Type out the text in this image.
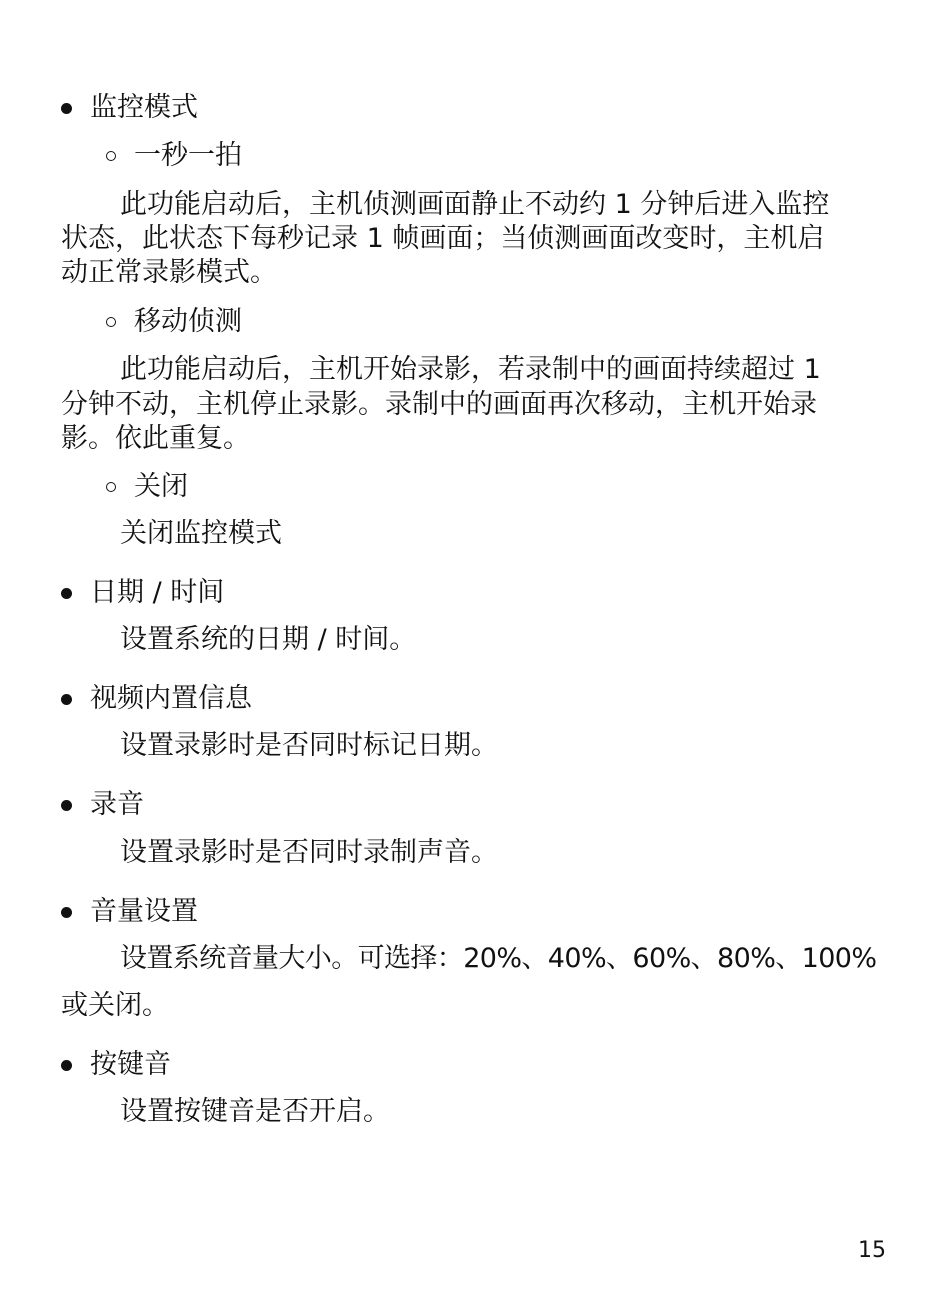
监控模式

一秒一拍

此功能启动后，主机侦测画面静止不动约 1 分钟后进入监控

状态，此状态下每秒记录 1 帧画面；当侦测画面改变时，主机启

动正常录影模式。

移动侦测

此功能启动后，主机开始录影，若录制中的画面持续超过 1

分钟不动，主机停止录影。录制中的画面再次移动，主机开始录

影。依此重复。

关闭

关闭监控模式

日期 / 时间

设置系统的日期 / 时间。

视频内置信息

设置录影时是否同时标记日期。

录音

设置录影时是否同时录制声音。

音量设置

设置系统音量大小。可选择：20%、40%、60%、80%、100%

或关闭。

按键音

设置按键音是否开启。

15
